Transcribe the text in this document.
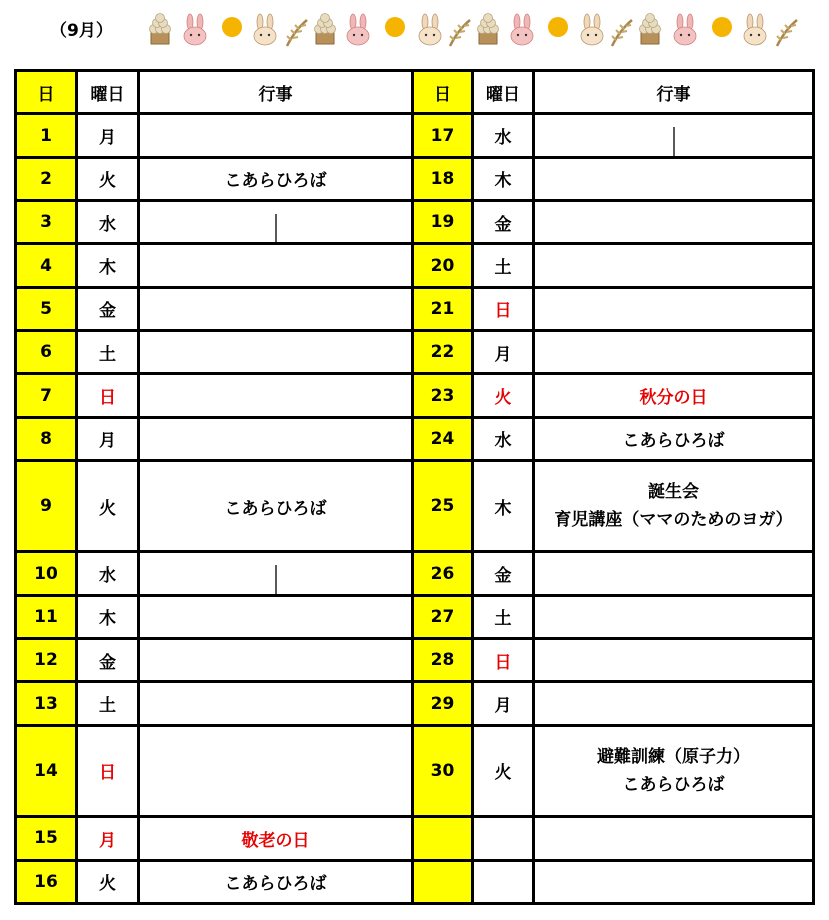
（9月）
日	曜日	行事	日	曜日	行事
1	月		17	水	

2	火	こあらひろば	18	木	
3	水		19	金	
4	木		20	土	
5	金		21	日	
6	土		22	月	
7	日		23	火	秋分の日
8	月		24	水	こあらひろば
9	火	こあらひろば	25	木	誕生会
育児講座（ママのためのヨガ）

10	水		26	金	
11	木		27	土	
12	金		28	日	
13	土		29	月	
14	日		30	火	避難訓練（原子力）
こあらひろば

15	月	敬老の日			
16	火	こあらひろば			
